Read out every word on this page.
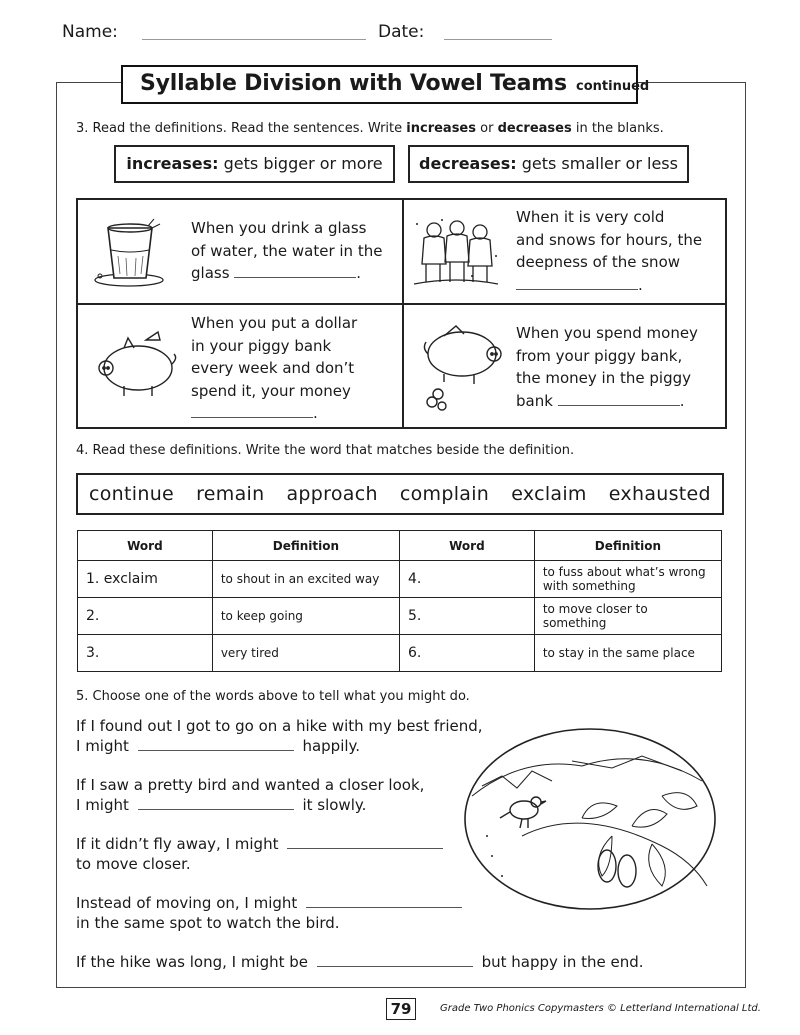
Name:	Date:
Syllable Division with Vowel Teams continued
3. Read the definitions. Read the sentences. Write increases or decreases in the blanks.
increases: gets bigger or more	decreases: gets smaller or less
When you drink a glass
of water, the water in the
glass	.
When it is very cold
and snows for hours, the
deepness of the snow
.
When you put a dollar
in your piggy bank
every week and don’t
spend it, your money
.
When you spend money
from your piggy bank,
the money in the piggy
bank	.
4. Read these definitions. Write the word that matches beside the definition.
continue remain approach complain exclaim exhausted
Word	Definition	Word	Definition
1. exclaim	to shout in an excited way	4.	to fuss about what’s wrong with something
2.	to keep going	5.	to move closer to something
3.	very tired	6.	to stay in the same place
5. Choose one of the words above to tell what you might do.
If I found out I got to go on a hike with my best friend,
I might	happily.
If I saw a pretty bird and wanted a closer look,
I might	it slowly.
If it didn’t fly away, I might
to move closer.
Instead of moving on, I might
in the same spot to watch the bird.
If the hike was long, I might be	but happy in the end.
79	Grade Two Phonics Copymasters © Letterland International Ltd.
